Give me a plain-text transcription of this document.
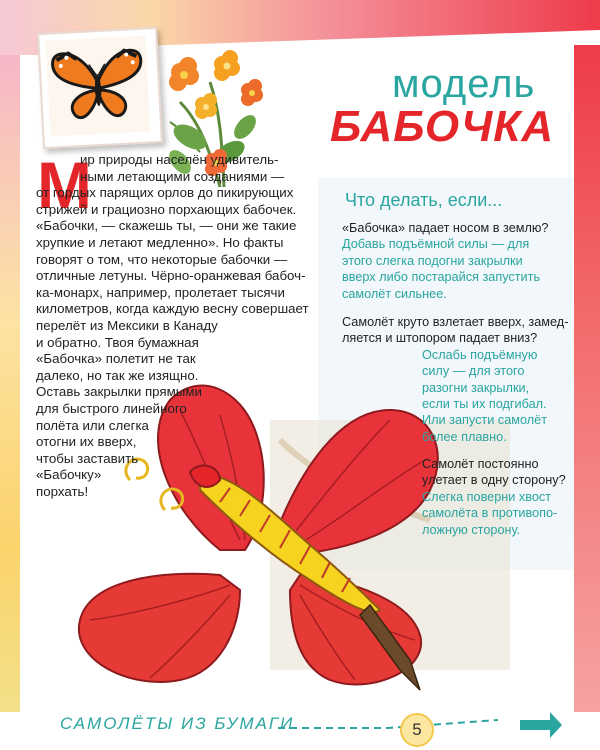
модель
БАБОЧКА
М
ир природы населён удивитель-
ными летающими созданиями —
от гордых парящих орлов до пикирующих
стрижей и грациозно порхающих бабочек.
«Бабочки, — скажешь ты, — они же такие
хрупкие и летают медленно». Но факты
говорят о том, что некоторые бабочки —
отличные летуны. Чёрно-оранжевая бабоч-
ка-монарх, например, пролетает тысячи
километров, когда каждую весну совершает
перелёт из Мексики в Канаду
и обратно. Твоя бумажная
«Бабочка» полетит не так
далеко, но так же изящно.
Оставь закрылки прямыми
для быстрого линейного
полёта или слегка
отогни их вверх,
чтобы заставить
«Бабочку»
порхать!
Что делать, если...
«Бабочка» падает носом в землю?
Добавь подъёмной силы — для
этого слегка подогни закрылки
вверх либо постарайся запустить
самолёт сильнее.
Самолёт круто взлетает вверх, замед-
ляется и штопором падает вниз?
Ослабь подъёмную
силу — для этого
разогни закрылки,
если ты их подгибал.
Или запусти самолёт
более плавно.
Самолёт постоянно
улетает в одну сторону?
Слегка поверни хвост
самолёта в противопо-
ложную сторону.
САМОЛЁТЫ ИЗ БУМАГИ	5
